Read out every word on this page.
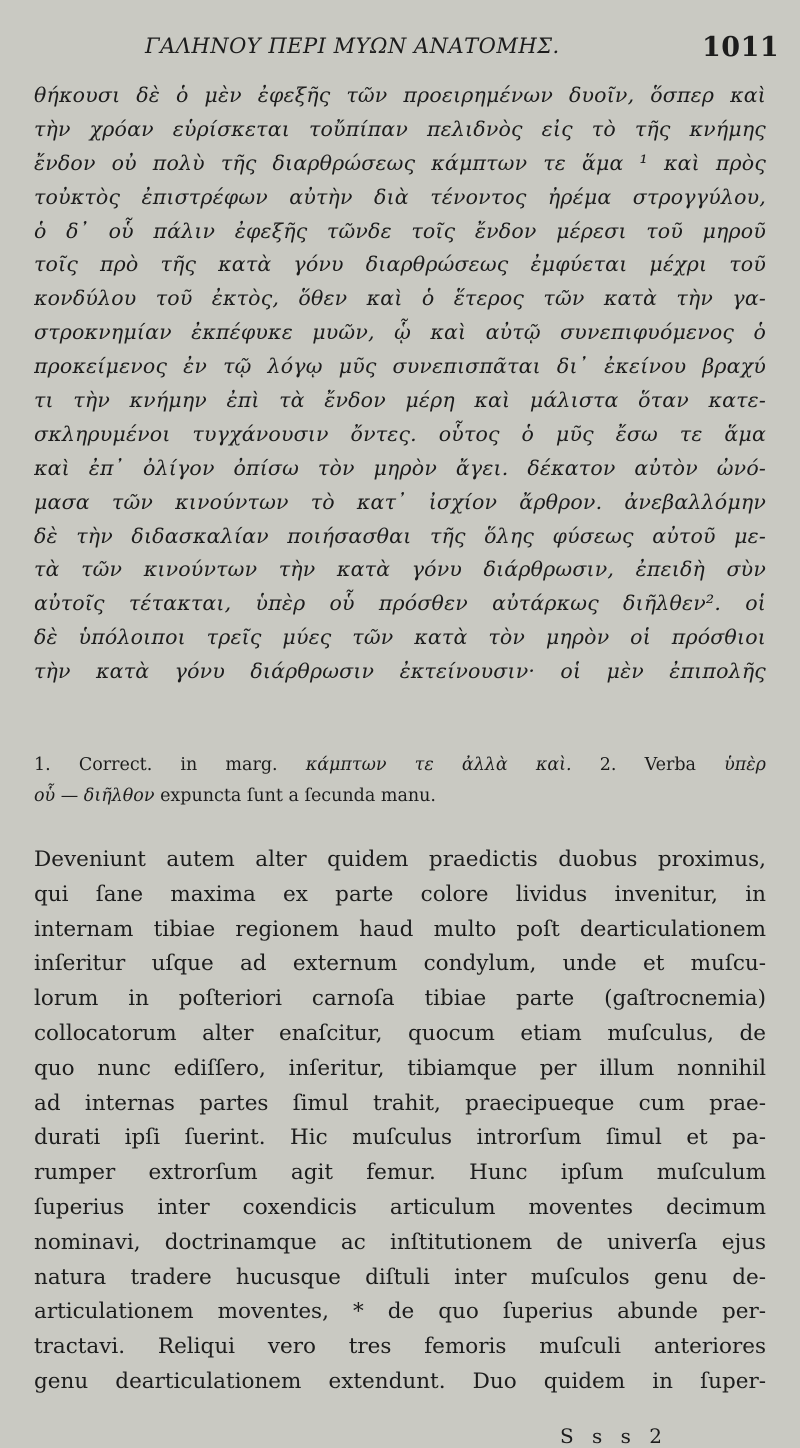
ΓΑΛΗΝΟΥ ΠΕΡΙ ΜΥΩΝ ΑΝΑΤΟΜΗΣ.	1011
θήκουσι δὲ ὁ μὲν ἐφεξῆς τῶν προειρημένων δυοῖν, ὅσπερ καὶ
τὴν χρόαν εὑρίσκεται τοὔπίπαν πελιδνὸς εἰς τὸ τῆς κνήμης
ἔνδον οὐ πολὺ τῆς διαρθρώσεως κάμπτων τε ἅμα ¹ καὶ πρὸς
τοὐκτὸς ἐπιστρέφων αὐτὴν διὰ τένοντος ἠρέμα στρογγύλου,
ὁ δ᾽ οὗ πάλιν ἐφεξῆς τῶνδε τοῖς ἔνδον μέρεσι τοῦ μηροῦ
τοῖς πρὸ τῆς κατὰ γόνυ διαρθρώσεως ἐμφύεται μέχρι τοῦ
κονδύλου τοῦ ἐκτὸς, ὅθεν καὶ ὁ ἕτερος τῶν κατὰ τὴν γα-
στροκνημίαν ἐκπέφυκε μυῶν, ᾧ καὶ αὐτῷ συνεπιφυόμενος ὁ
προκείμενος ἐν τῷ λόγῳ μῦς συνεπισπᾶται δι᾽ ἐκείνου βραχύ
τι τὴν κνήμην ἐπὶ τὰ ἔνδον μέρη καὶ μάλιστα ὅταν κατε-
σκληρυμένοι τυγχάνουσιν ὄντες. οὗτος ὁ μῦς ἔσω τε ἅμα
καὶ ἐπ᾽ ὀλίγον ὀπίσω τὸν μηρὸν ἄγει. δέκατον αὐτὸν ὠνό-
μασα τῶν κινούντων τὸ κατ᾽ ἰσχίον ἄρθρον. ἀνεβαλλόμην
δὲ τὴν διδασκαλίαν ποιήσασθαι τῆς ὅλης φύσεως αὐτοῦ με-
τὰ τῶν κινούντων τὴν κατὰ γόνυ διάρθρωσιν, ἐπειδὴ σὺν
αὐτοῖς τέτακται, ὑπὲρ οὗ πρόσθεν αὐτάρκως διῆλθεν². οἱ
δὲ ὑπόλοιποι τρεῖς μύες τῶν κατὰ τὸν μηρὸν οἱ πρόσθιοι
τὴν κατὰ γόνυ διάρθρωσιν ἐκτείνουσιν· οἱ μὲν ἐπιπολῆς
1. Correct. in marg. κάμπτων τε ἀλλὰ καὶ. 2. Verba ὑπὲρ
οὗ — διῆλθον expuncta ſunt a ſecunda manu.
Deveniunt autem alter quidem praedictis duobus proximus,
qui ſane maxima ex parte colore lividus invenitur, in
internam tibiae regionem haud multo poſt dearticulationem
inſeritur uſque ad externum condylum, unde et muſcu-
lorum in poſteriori carnoſa tibiae parte (gaſtrocnemia)
collocatorum alter enaſcitur, quocum etiam muſculus, de
quo nunc ediſſero, inſeritur, tibiamque per illum nonnihil
ad internas partes ſimul trahit, praecipueque cum prae-
durati ipſi ſuerint. Hic muſculus introrſum ſimul et pa-
rumper extrorſum agit femur. Hunc ipſum muſculum
ſuperius inter coxendicis articulum moventes decimum
nominavi, doctrinamque ac inſtitutionem de univerſa ejus
natura tradere hucusque diſtuli inter muſculos genu de-
articulationem moventes, * de quo ſuperius abunde per-
tractavi. Reliqui vero tres femoris muſculi anteriores
genu dearticulationem extendunt. Duo quidem in ſuper-
S s s 2
